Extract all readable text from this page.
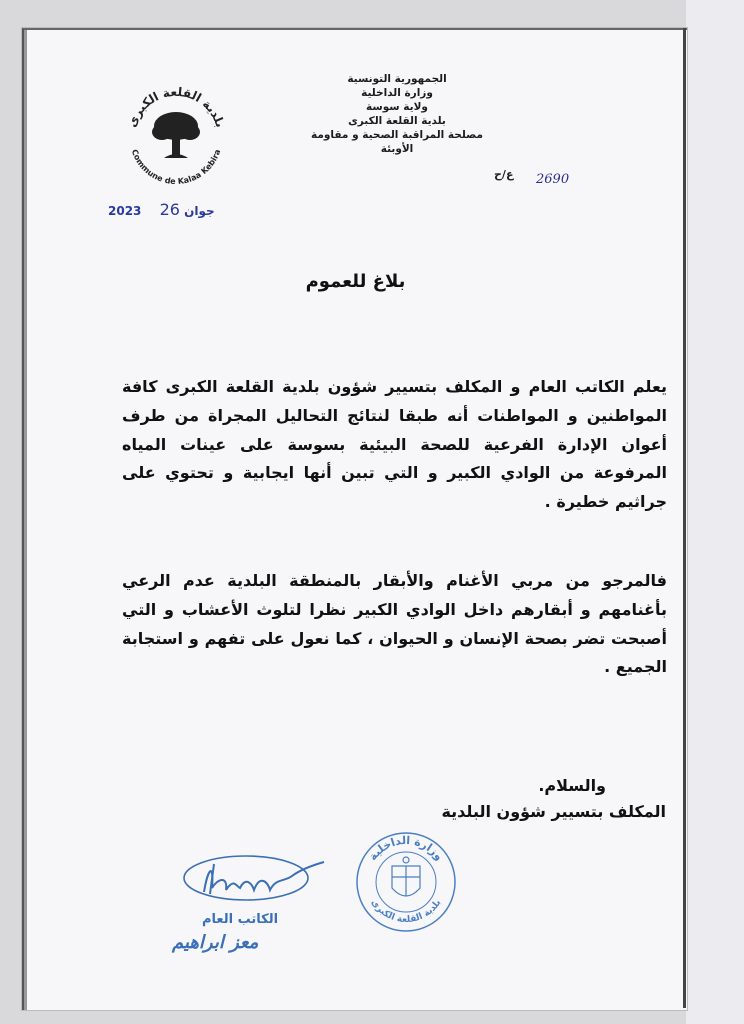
بلدية القلعة الكبرى
Commune de Kalaa Kebira
الجمهورية التونسية
وزارة الداخلية
ولاية سوسة
بلدية القلعة الكبرى
مصلحة المراقبة الصحية و مقاومة
الأوبئة
ع/ح 2690
2023	جوان 26
بلاغ للعموم
يعلم الكاتب العام و المكلف بتسيير شؤون بلدية القلعة الكبرى كافة المواطنين و المواطنات أنه طبقا لنتائج التحاليل المجراة من طرف أعوان الإدارة الفرعية للصحة البيئية بسوسة على عينات المياه المرفوعة من الوادي الكبير و التي تبين أنها ايجابية و تحتوي على جراثيم خطيرة .
فالمرجو من مربي الأغنام والأبقار بالمنطقة البلدية عدم الرعي بأغنامهم و أبقارهم داخل الوادي الكبير نظرا لتلوث الأعشاب و التي أصبحت تضر بصحة الإنسان و الحيوان ، كما نعول على تفهم و استجابة الجميع .
والسلام.
المكلف بتسيير شؤون البلدية
الكاتب العام
معز ابراهيم
وزارة الداخلية
بلدية القلعة الكبرى
